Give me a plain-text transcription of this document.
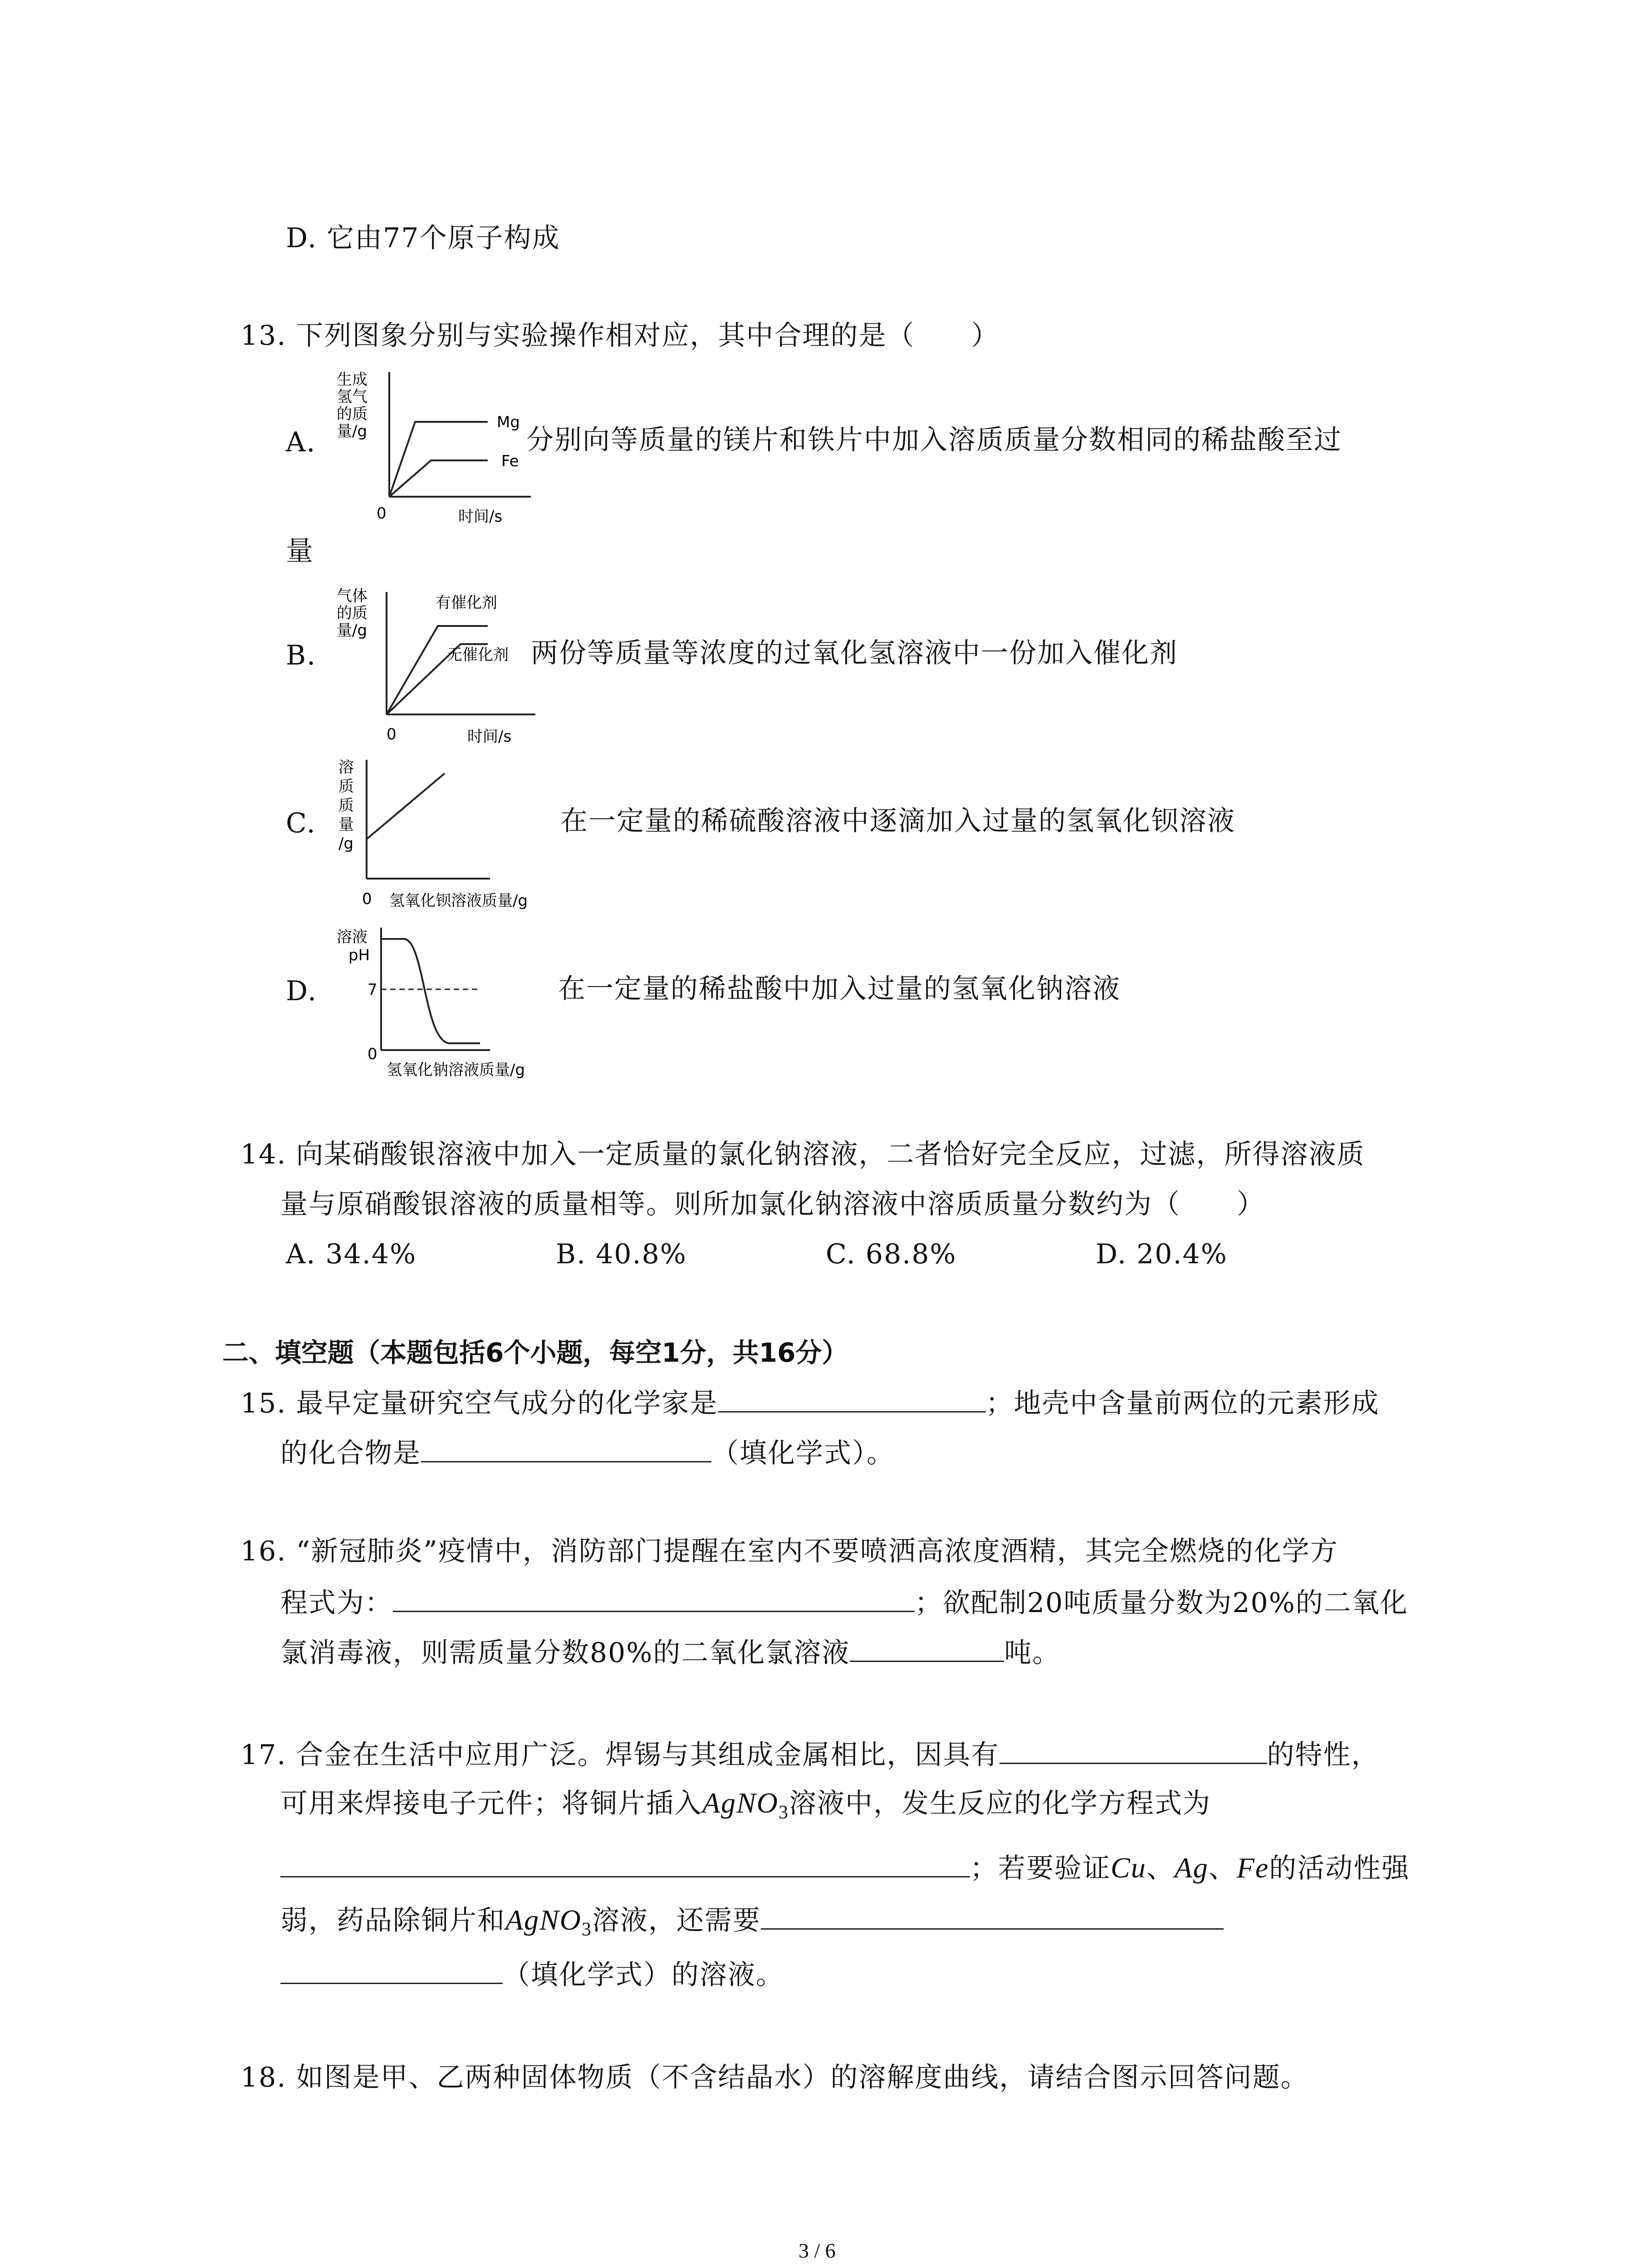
D. 它由77个原子构成
13. 下列图象分别与实验操作相对应，其中合理的是（　　）
A.
生成
氢气
的质
量/g	Mg
Fe
0	时间/s
分别向等质量的镁片和铁片中加入溶质质量分数相同的稀盐酸至过
量
B.
气体
的质
量/g
有催化剂
无催化剂
0	时间/s
两份等质量等浓度的过氧化氢溶液中一份加入催化剂
C.
溶
质
质
量
/g
0 氢氧化钡溶液质量/g
在一定量的稀硫酸溶液中逐滴加入过量的氢氧化钡溶液
D.
溶液
pH
7
0
氢氧化钠溶液质量/g
在一定量的稀盐酸中加入过量的氢氧化钠溶液
14. 向某硝酸银溶液中加入一定质量的氯化钠溶液，二者恰好完全反应，过滤，所得溶液质
量与原硝酸银溶液的质量相等。则所加氯化钠溶液中溶质质量分数约为（　　）
A. 34.4%	B. 40.8%	C. 68.8%	D. 20.4%
二、填空题（本题包括6个小题，每空1分，共16分）
15. 最早定量研究空气成分的化学家是	；地壳中含量前两位的元素形成
的化合物是	（填化学式）。
16. “新冠肺炎”疫情中，消防部门提醒在室内不要喷洒高浓度酒精，其完全燃烧的化学方
程式为：	；欲配制20吨质量分数为20%的二氧化
氯消毒液，则需质量分数80%的二氧化氯溶液	吨。
17. 合金在生活中应用广泛。焊锡与其组成金属相比，因具有	的特性，
可用来焊接电子元件；将铜片插入AgNO$_3$溶液中，发生反应的化学方程式为
；若要验证Cu、Ag、Fe的活动性强
弱，药品除铜片和AgNO$_3$溶液，还需要
（填化学式）的溶液。
18. 如图是甲、乙两种固体物质（不含结晶水）的溶解度曲线，请结合图示回答问题。
3 / 6
